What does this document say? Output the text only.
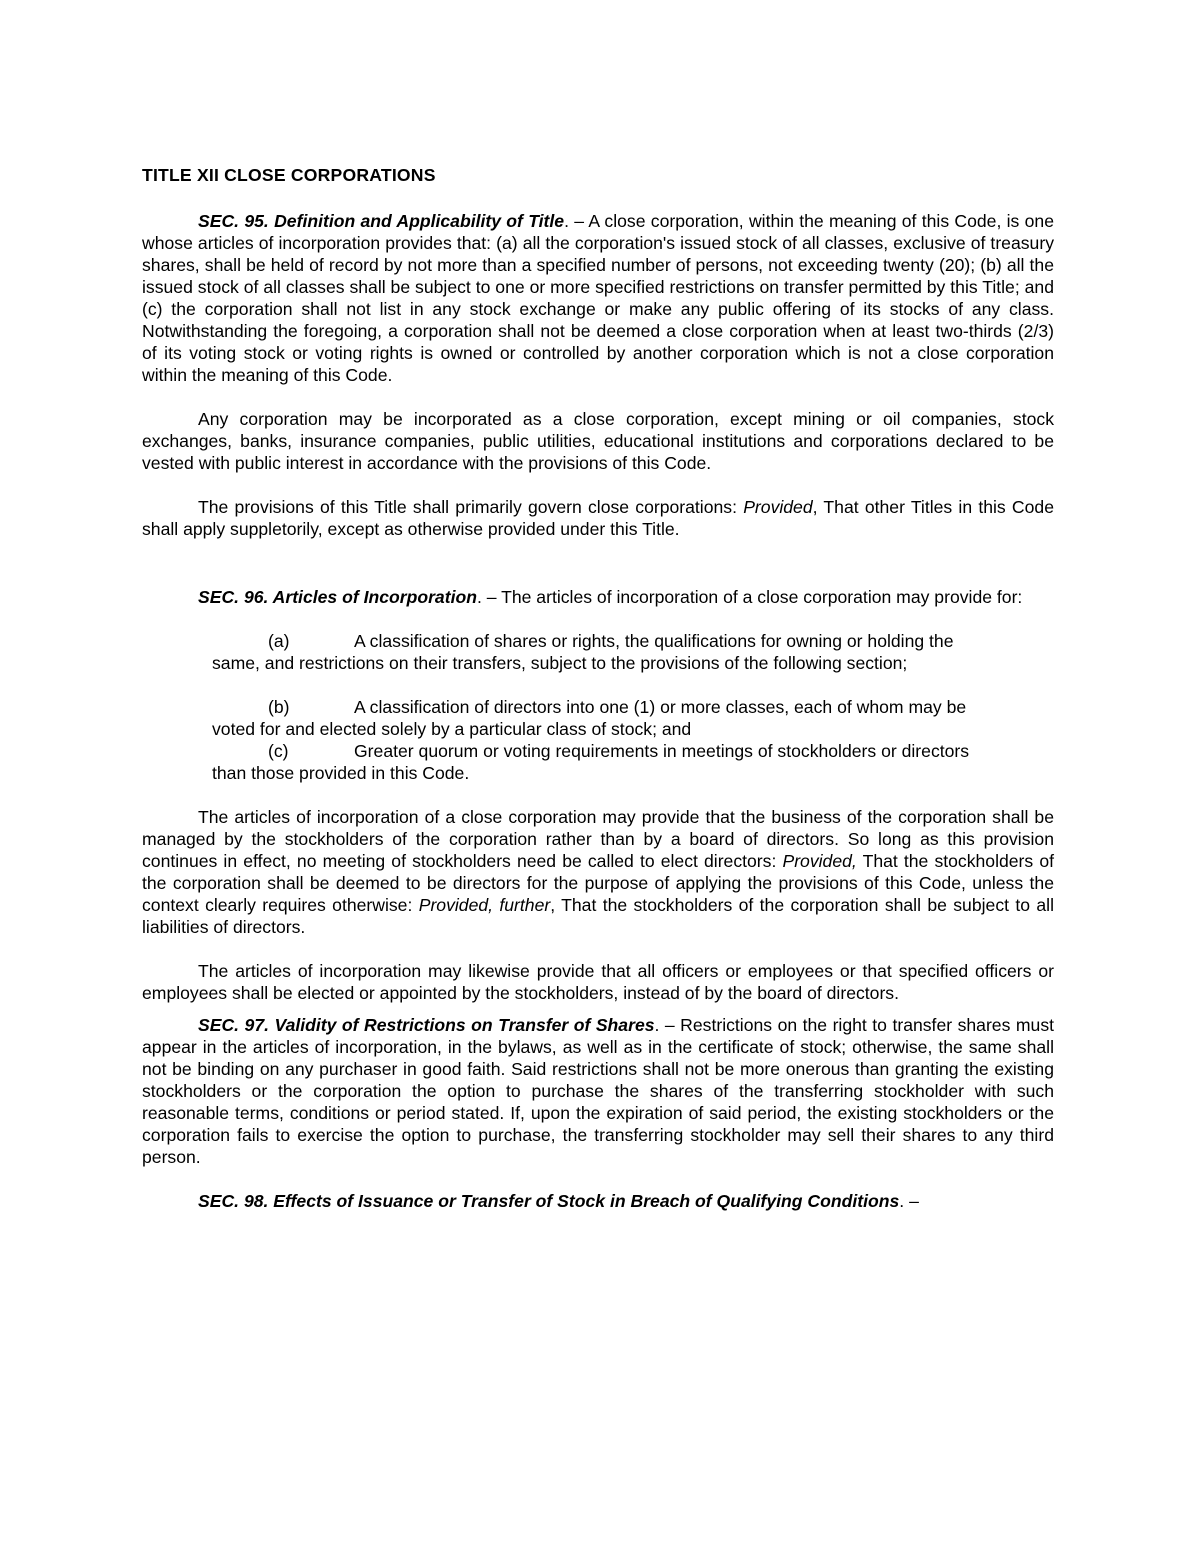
TITLE XII CLOSE CORPORATIONS

SEC. 95. Definition and Applicability of Title. – A close corporation, within the meaning of this Code, is one whose articles of incorporation provides that: (a) all the corporation's issued stock of all classes, exclusive of treasury shares, shall be held of record by not more than a specified number of persons, not exceeding twenty (20); (b) all the issued stock of all classes shall be subject to one or more specified restrictions on transfer permitted by this Title; and (c) the corporation shall not list in any stock exchange or make any public offering of its stocks of any class. Notwithstanding the foregoing, a corporation shall not be deemed a close corporation when at least two-thirds (2/3) of its voting stock or voting rights is owned or controlled by another corporation which is not a close corporation within the meaning of this Code.

Any corporation may be incorporated as a close corporation, except mining or oil companies, stock exchanges, banks, insurance companies, public utilities, educational institutions and corporations declared to be vested with public interest in accordance with the provisions of this Code.

The provisions of this Title shall primarily govern close corporations: Provided, That other Titles in this Code shall apply suppletorily, except as otherwise provided under this Title.

SEC. 96. Articles of Incorporation. – The articles of incorporation of a close corporation may provide for:

(a)	A classification of shares or rights, the qualifications for owning or holding the
same, and restrictions on their transfers, subject to the provisions of the following section;
(b)	A classification of directors into one (1) or more classes, each of whom may be
voted for and elected solely by a particular class of stock; and
(c)	Greater quorum or voting requirements in meetings of stockholders or directors
than those provided in this Code.

The articles of incorporation of a close corporation may provide that the business of the corporation shall be managed by the stockholders of the corporation rather than by a board of directors. So long as this provision continues in effect, no meeting of stockholders need be called to elect directors: Provided, That the stockholders of the corporation shall be deemed to be directors for the purpose of applying the provisions of this Code, unless the context clearly requires otherwise: Provided, further, That the stockholders of the corporation shall be subject to all liabilities of directors.

The articles of incorporation may likewise provide that all officers or employees or that specified officers or employees shall be elected or appointed by the stockholders, instead of by the board of directors.

SEC. 97. Validity of Restrictions on Transfer of Shares. – Restrictions on the right to transfer shares must appear in the articles of incorporation, in the bylaws, as well as in the certificate of stock; otherwise, the same shall not be binding on any purchaser in good faith. Said restrictions shall not be more onerous than granting the existing stockholders or the corporation the option to purchase the shares of the transferring stockholder with such reasonable terms, conditions or period stated. If, upon the expiration of said period, the existing stockholders or the corporation fails to exercise the option to purchase, the transferring stockholder may sell their shares to any third person.

SEC. 98. Effects of Issuance or Transfer of Stock in Breach of Qualifying Conditions. –
